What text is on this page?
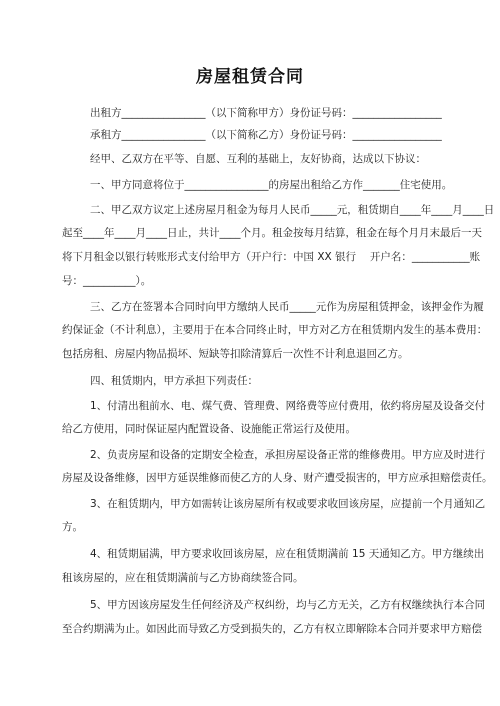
房屋租赁合同
出租方________________（以下简称甲方）身份证号码：_________________
承租方________________（以下简称乙方）身份证号码：_________________
经甲、乙双方在平等、自愿、互利的基础上，友好协商，达成以下协议：
一、甲方同意将位于________________的房屋出租给乙方作_______住宅使用。
二、甲乙双方议定上述房屋月租金为每月人民币_____元，租赁期自____年____月____日
起至____年____月____日止，共计____个月。租金按每月结算，租金在每个月月末最后一天
将下月租金以银行转账形式支付给甲方（开户行：中国 XX 银行　 开户名：___________账
号：__________）。
三、乙方在签署本合同时向甲方缴纳人民币_____元作为房屋租赁押金，该押金作为履
约保证金（不计利息），主要用于在本合同终止时，甲方对乙方在租赁期内发生的基本费用：
包括房租、房屋内物品损坏、短缺等扣除清算后一次性不计利息退回乙方。
四、租赁期内，甲方承担下列责任：
1、付清出租前水、电、煤气费、管理费、网络费等应付费用，依约将房屋及设备交付
给乙方使用，同时保证屋内配置设备、设施能正常运行及使用。
2、负责房屋和设备的定期安全检查，承担房屋设备正常的维修费用。甲方应及时进行
房屋及设备维修，因甲方延误维修而使乙方的人身、财产遭受损害的，甲方应承担赔偿责任。
3、在租赁期内，甲方如需转让该房屋所有权或要求收回该房屋，应提前一个月通知乙
方。
4、租赁期届满，甲方要求收回该房屋，应在租赁期满前 15 天通知乙方。甲方继续出
租该房屋的，应在租赁期满前与乙方协商续签合同。
5、甲方因该房屋发生任何经济及产权纠纷，均与乙方无关，乙方有权继续执行本合同
至合约期满为止。如因此而导致乙方受到损失的，乙方有权立即解除本合同并要求甲方赔偿
